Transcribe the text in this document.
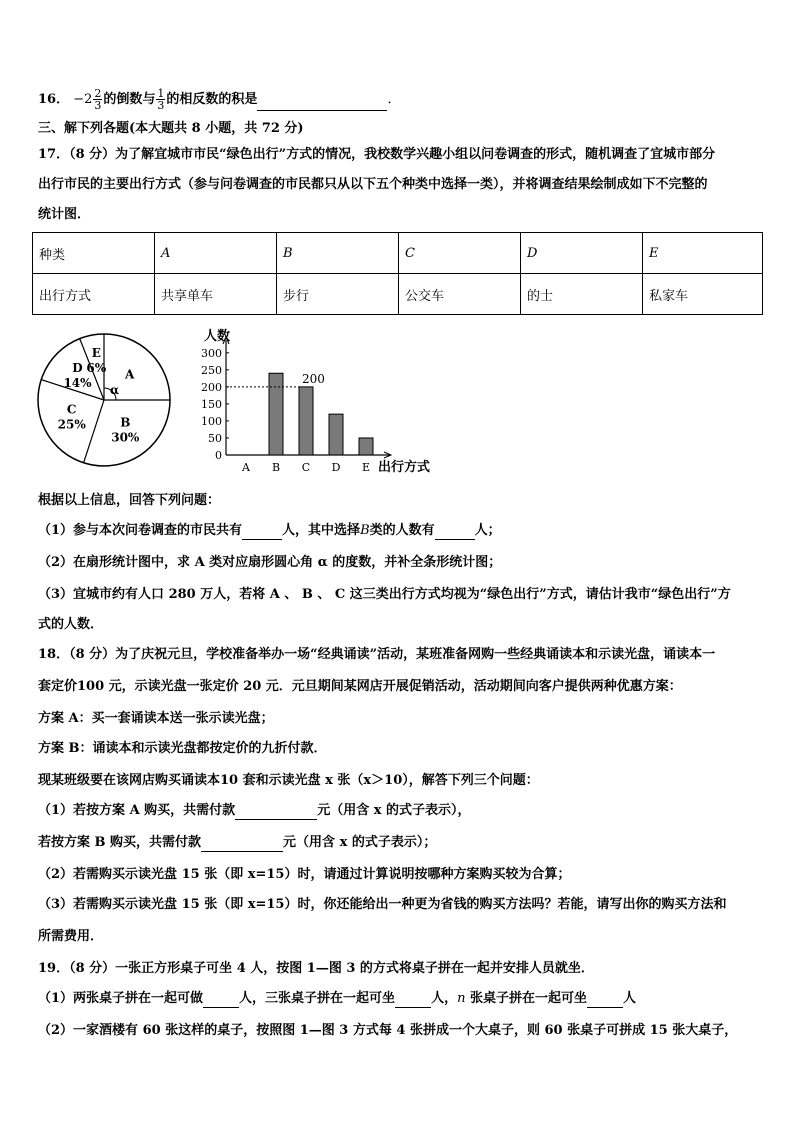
16． $-2 \frac{2}{3}$ 的倒数与 $\frac{1}{3}$ 的相反数的积是	．
三、解下列各题(本大题共 8 小题，共 72 分)
17．（8 分）为了解宜城市市民“绿色出行”方式的情况，我校数学兴趣小组以问卷调查的形式，随机调查了宜城市部分
出行市民的主要出行方式（参与问卷调查的市民都只从以下五个种类中选择一类），并将调查结果绘制成如下不完整的
统计图．
种类	A	B	C	D	E
出行方式	共享单车	步行	公交车	的士	私家车
A
B
30%
C
25%
D
14%
E
6%
α
人数
出行方式
0
50
100
150
200
250
300
A B C D E
200
根据以上信息，回答下列问题：
（1）参与本次问卷调查的市民共有	人，其中选择B类的人数有	人；
（2）在扇形统计图中，求 A 类对应扇形圆心角 α 的度数，并补全条形统计图；
（3）宜城市约有人口 280 万人，若将 A 、 B 、 C 这三类出行方式均视为“绿色出行”方式，请估计我市“绿色出行”方
式的人数．
18．（8 分）为了庆祝元旦，学校准备举办一场“经典诵读”活动，某班准备网购一些经典诵读本和示读光盘，诵读本一
套定价100 元，示读光盘一张定价 20 元．元旦期间某网店开展促销活动，活动期间向客户提供两种优惠方案：
方案 A：买一套诵读本送一张示读光盘；
方案 B：诵读本和示读光盘都按定价的九折付款．
现某班级要在该网店购买诵读本10 套和示读光盘 x 张（x＞10），解答下列三个问题：
（1）若按方案 A 购买，共需付款	元（用含 x 的式子表示），
若按方案 B 购买，共需付款	元（用含 x 的式子表示）；
（2）若需购买示读光盘 15 张（即 x=15）时，请通过计算说明按哪种方案购买较为合算；
（3）若需购买示读光盘 15 张（即 x=15）时，你还能给出一种更为省钱的购买方法吗？若能，请写出你的购买方法和
所需费用．
19．（8 分）一张正方形桌子可坐 4 人，按图 1—图 3 的方式将桌子拼在一起并安排人员就坐．
（1）两张桌子拼在一起可做	人，三张桌子拼在一起可坐	人，n 张桌子拼在一起可坐	人
（2）一家酒楼有 60 张这样的桌子，按照图 1—图 3 方式每 4 张拼成一个大桌子，则 60 张桌子可拼成 15 张大桌子，
